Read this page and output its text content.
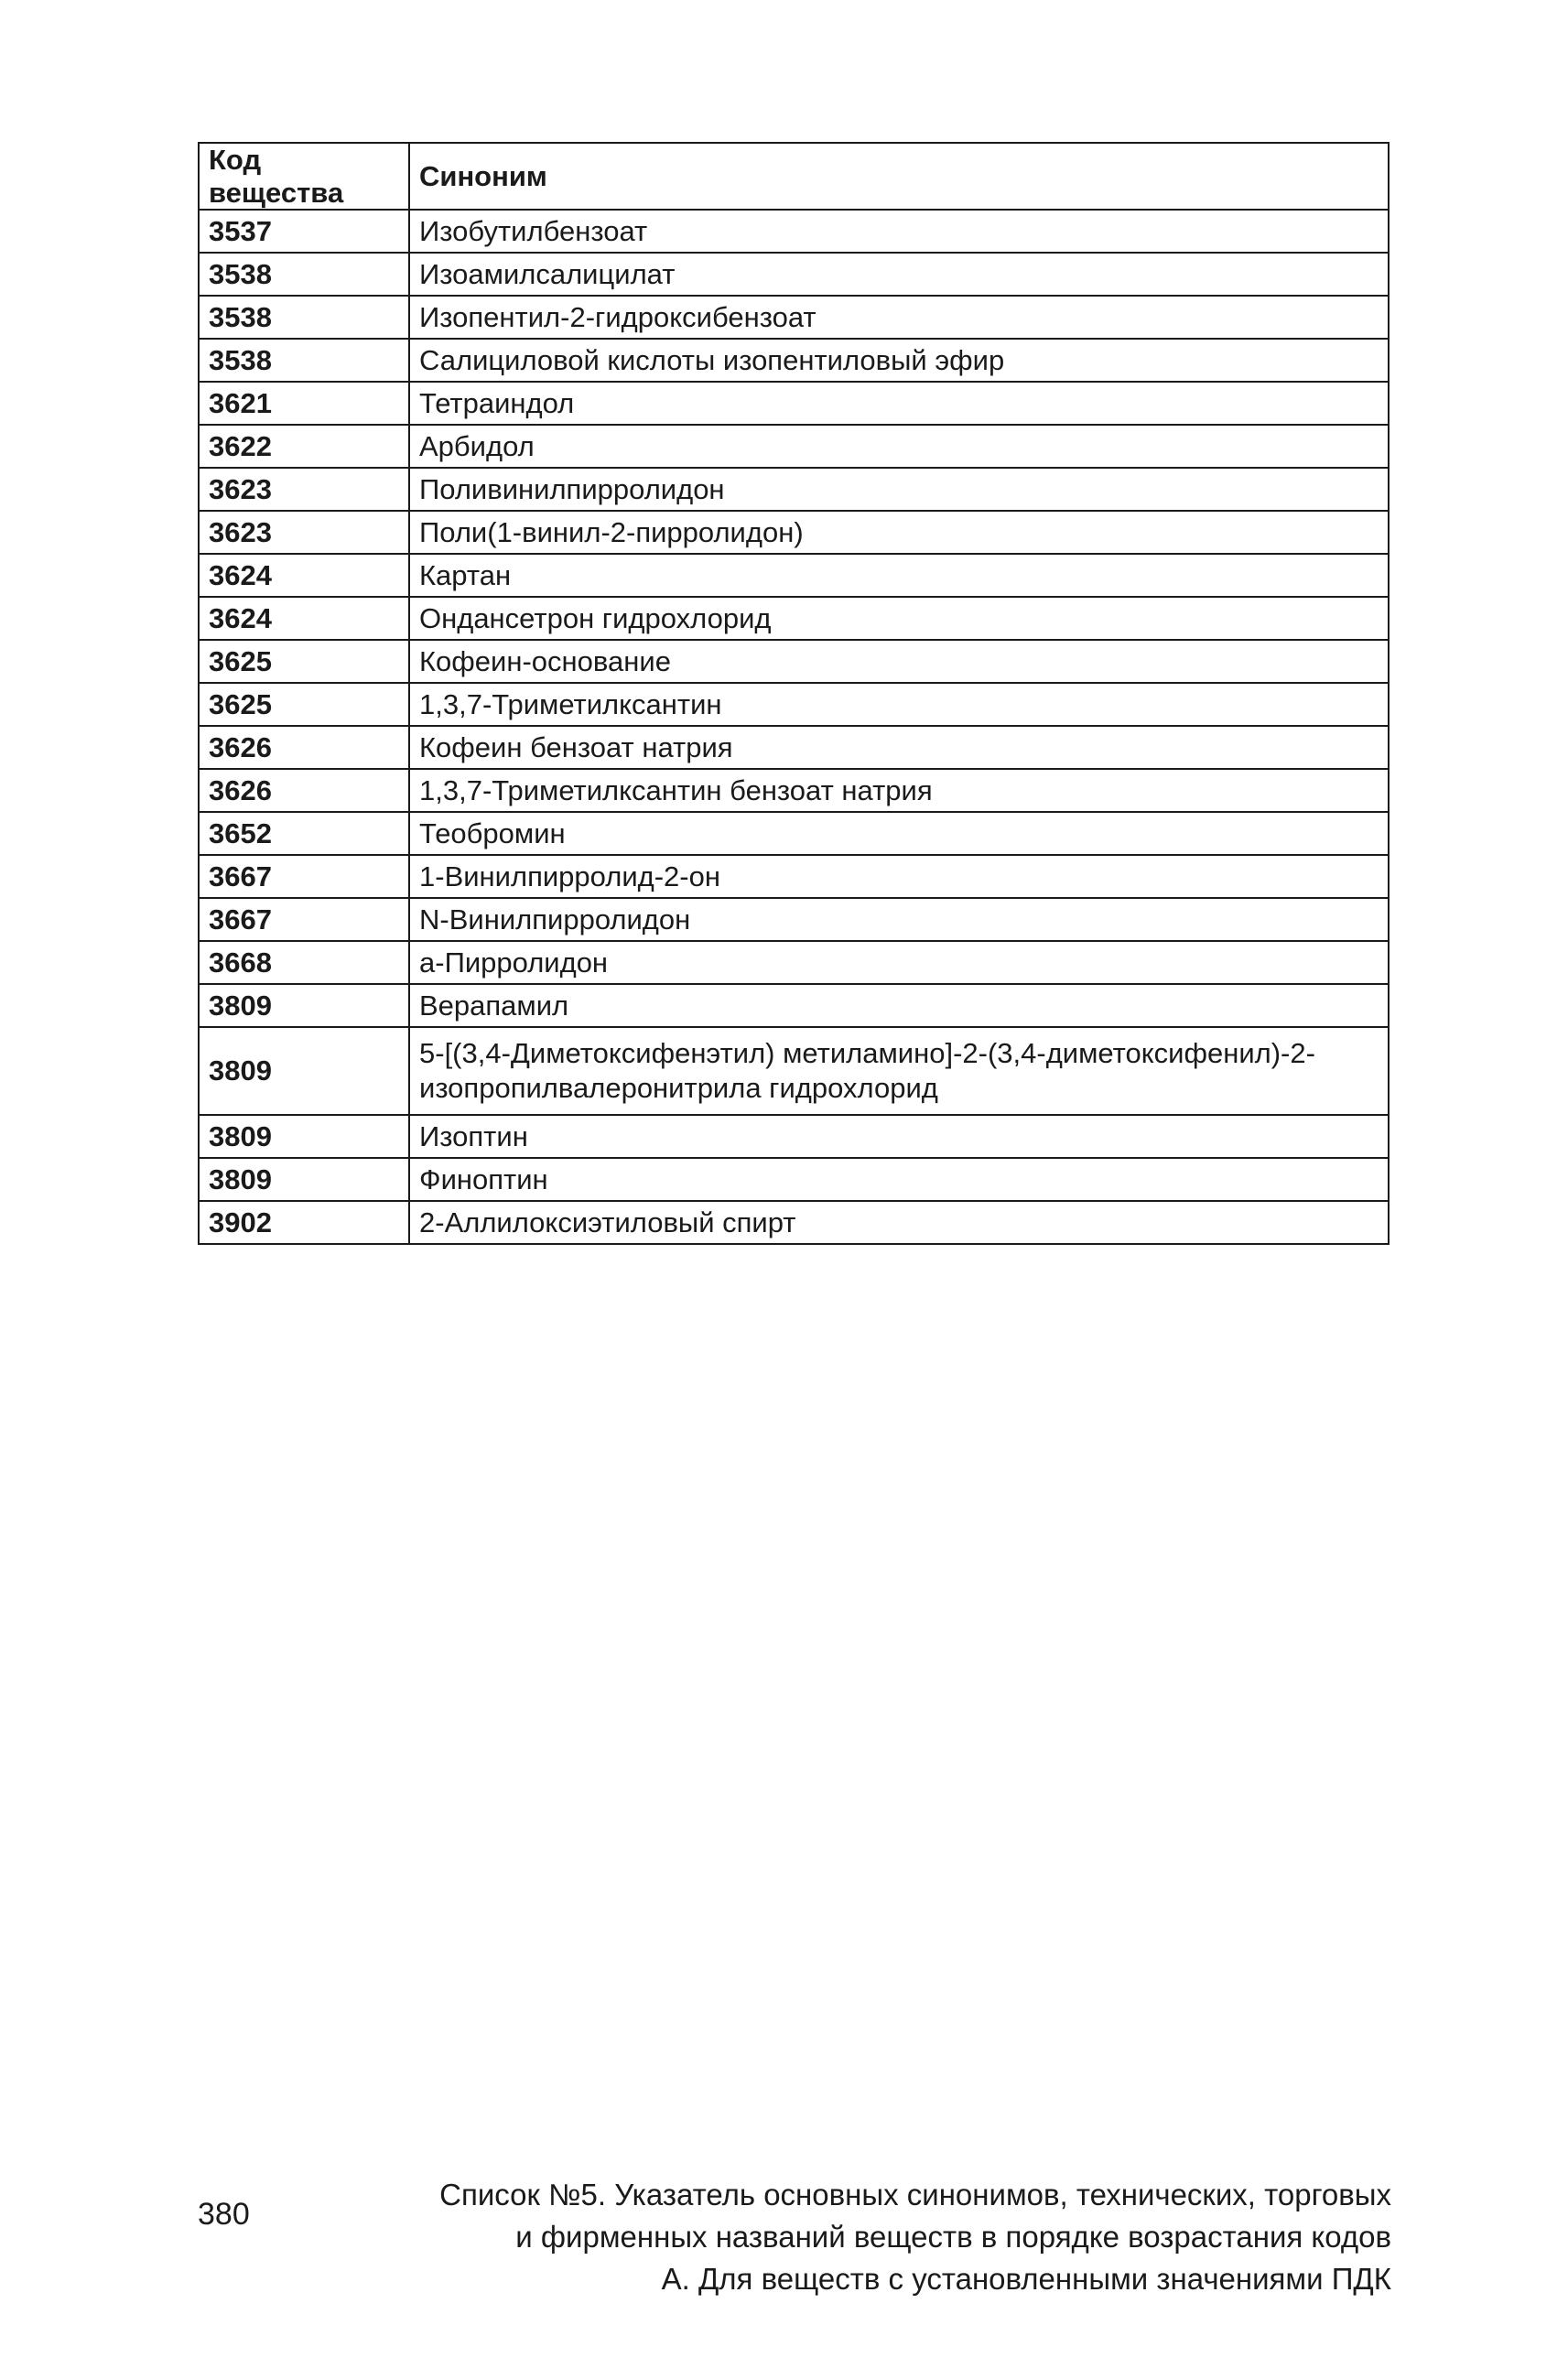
Код вещества	Синоним
3537	Изобутилбензоат
3538	Изоамилсалицилат
3538	Изопентил-2-гидроксибензоат
3538	Салициловой кислоты изопентиловый эфир
3621	Тетраиндол
3622	Арбидол
3623	Поливинилпирролидон
3623	Поли(1-винил-2-пирролидон)
3624	Картан
3624	Ондансетрон гидрохлорид
3625	Кофеин-основание
3625	1,3,7-Триметилксантин
3626	Кофеин бензоат натрия
3626	1,3,7-Триметилксантин бензоат натрия
3652	Теобромин
3667	1-Винилпирролид-2-он
3667	N-Винилпирролидон
3668	a-Пирролидон
3809	Верапамил
3809	5-[(3,4-Диметоксифенэтил) метиламино]-2-(3,4-диметоксифенил)-2-
изопропилвалеронитрила гидрохлорид

3809	Изоптин
3809	Финоптин
3902	2-Аллилоксиэтиловый спирт
380
Список №5. Указатель основных синонимов, технических, торговых
и фирменных названий веществ в порядке возрастания кодов
А. Для веществ с установленными значениями ПДК
